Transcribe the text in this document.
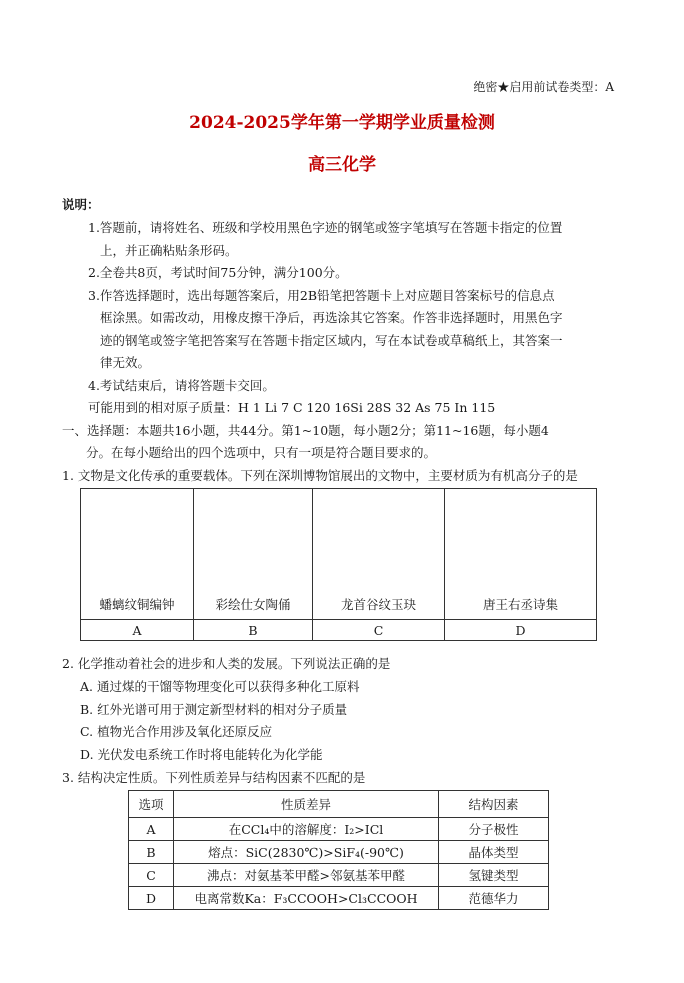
绝密★启用前试卷类型：A
2024-2025学年第一学期学业质量检测
高三化学
说明：
1.答题前，请将姓名、班级和学校用黑色字迹的钢笔或签字笔填写在答题卡指定的位置
上，并正确粘贴条形码。
2.全卷共8页，考试时间75分钟，满分100分。
3.作答选择题时，选出每题答案后，用2B铅笔把答题卡上对应题目答案标号的信息点
框涂黑。如需改动，用橡皮擦干净后，再选涂其它答案。作答非选择题时，用黑色字
迹的钢笔或签字笔把答案写在答题卡指定区域内，写在本试卷或草稿纸上，其答案一
律无效。
4.考试结束后，请将答题卡交回。
可能用到的相对原子质量：H 1 Li 7 C 120 16Si 28S 32 As 75 In 115
一、选择题：本题共16小题，共44分。第1~10题，每小题2分；第11~16题，每小题4
分。在每小题给出的四个选项中，只有一项是符合题目要求的。
1. 文物是文化传承的重要载体。下列在深圳博物馆展出的文物中，主要材质为有机高分子的是
蟠螭纹铜编钟	彩绘仕女陶俑	龙首谷纹玉玦	唐王右丞诗集
A	B	C	D
2. 化学推动着社会的进步和人类的发展。下列说法正确的是
A. 通过煤的干馏等物理变化可以获得多种化工原料
B. 红外光谱可用于测定新型材料的相对分子质量
C. 植物光合作用涉及氧化还原反应
D. 光伏发电系统工作时将电能转化为化学能
3. 结构决定性质。下列性质差异与结构因素不匹配的是
选项	性质差异	结构因素
A	在CCl₄中的溶解度：I₂>ICl	分子极性
B	熔点：SiC(2830℃)>SiF₄(-90℃)	晶体类型
C	沸点：对氨基苯甲醛>邻氨基苯甲醛	氢键类型
D	电离常数Ka：F₃CCOOH>Cl₃CCOOH	范德华力
